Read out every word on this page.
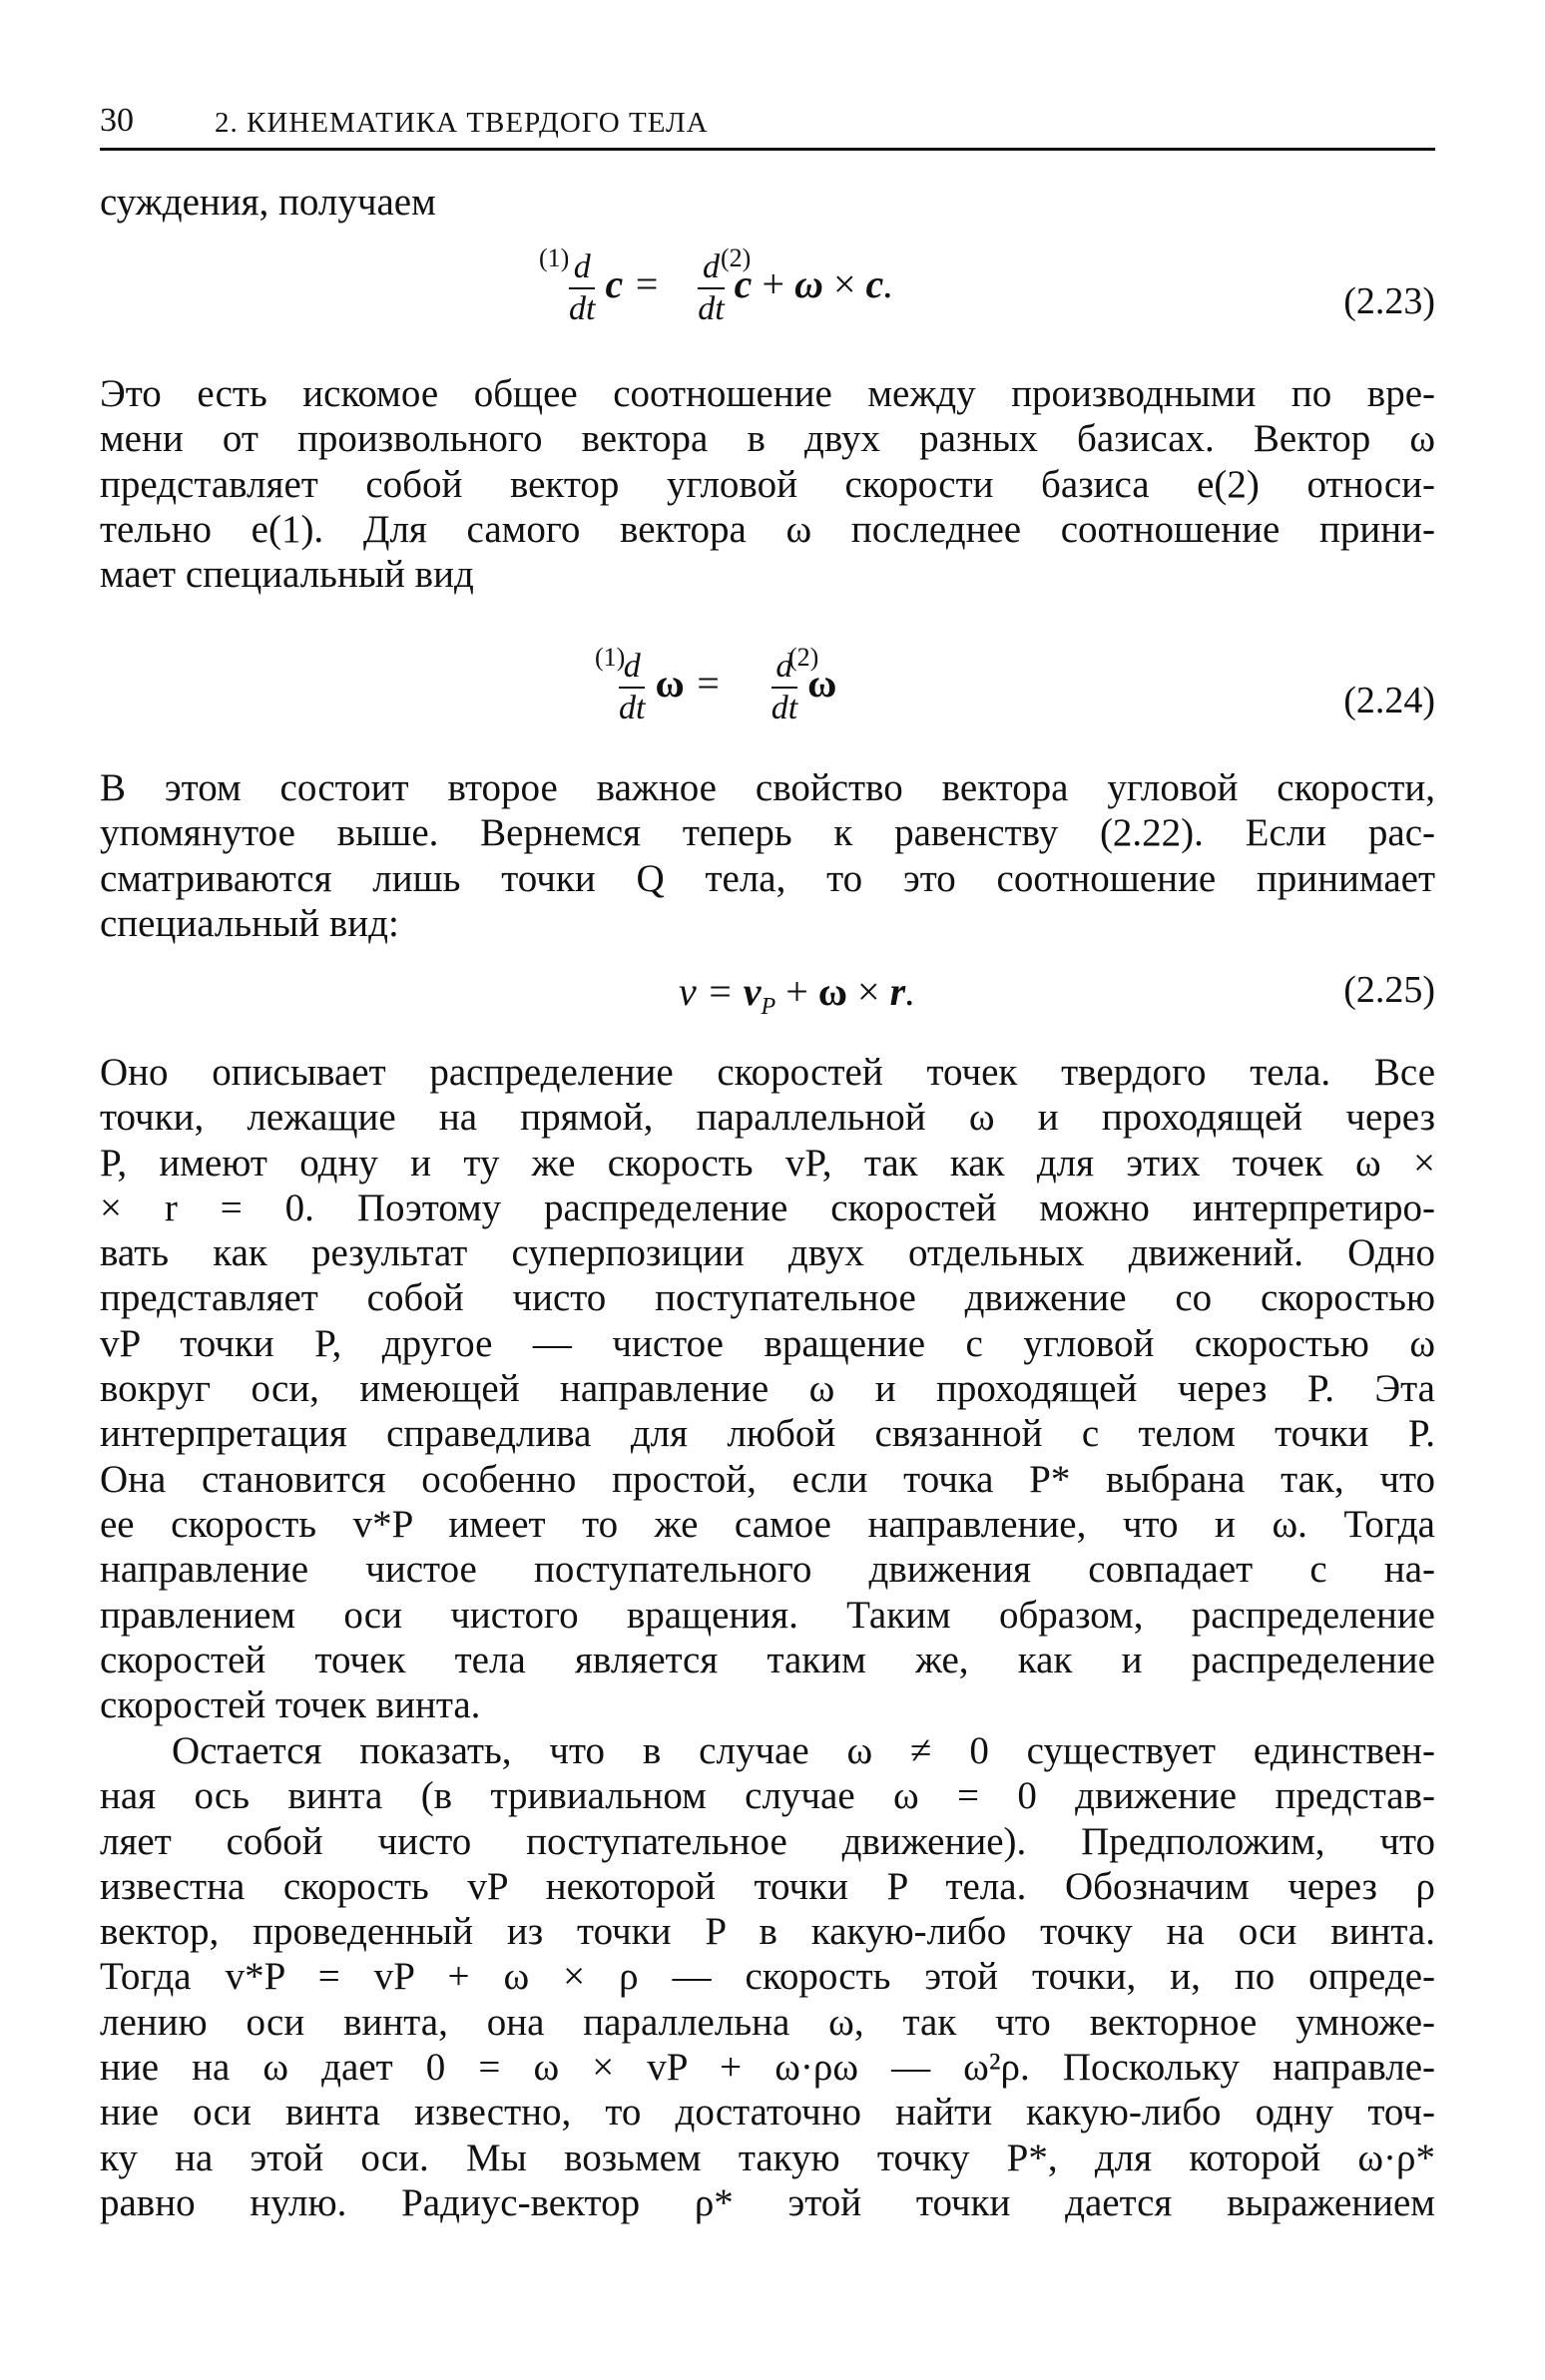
30	2. КИНЕМАТИКА ТВЕРДОГО ТЕЛА
суждения, получаем
$(1) \frac{d}{dt}$ c =
(2)
$\frac{d}{dt}$ c + ω × c.	(2.23)
Это есть искомое общее соотношение между производными по вре-
мени от произвольного вектора в двух разных базисах. Вектор ω
представляет собой вектор угловой скорости базиса e(2) относи-
тельно e(1). Для самого вектора ω последнее соотношение прини-
мает специальный вид
(1)
$\frac{d}{dt}$ ω =
(2)
$\frac{d}{dt}$ ω	(2.24)
В этом состоит второе важное свойство вектора угловой скорости,
упомянутое выше. Вернемся теперь к равенству (2.22). Если рас-
сматриваются лишь точки Q тела, то это соотношение принимает
специальный вид:
$v = v_P + \omega \times r$.	(2.25)
Оно описывает распределение скоростей точек твердого тела. Все
точки, лежащие на прямой, параллельной ω и проходящей через
P, имеют одну и ту же скорость vP, так как для этих точек ω ×
× r = 0. Поэтому распределение скоростей можно интерпретиро-
вать как результат суперпозиции двух отдельных движений. Одно
представляет собой чисто поступательное движение со скоростью
vP точки P, другое — чистое вращение с угловой скоростью ω
вокруг оси, имеющей направление ω и проходящей через P. Эта
интерпретация справедлива для любой связанной с телом точки P.
Она становится особенно простой, если точка P* выбрана так, что
ее скорость v*P имеет то же самое направление, что и ω. Тогда
направление чистое поступательного движения совпадает с на-
правлением оси чистого вращения. Таким образом, распределение
скоростей точек тела является таким же, как и распределение
скоростей точек винта.
Остается показать, что в случае ω ≠ 0 существует единствен-
ная ось винта (в тривиальном случае ω = 0 движение представ-
ляет собой чисто поступательное движение). Предположим, что
известна скорость vP некоторой точки P тела. Обозначим через ρ
вектор, проведенный из точки P в какую-либо точку на оси винта.
Тогда v*P = vP + ω × ρ — скорость этой точки, и, по опреде-
лению оси винта, она параллельна ω, так что векторное умноже-
ние на ω дает 0 = ω × vP + ω·ρω — ω²ρ. Поскольку направле-
ние оси винта известно, то достаточно найти какую-либо одну точ-
ку на этой оси. Мы возьмем такую точку P*, для которой ω·ρ*
равно нулю. Радиус-вектор ρ* этой точки дается выражением
